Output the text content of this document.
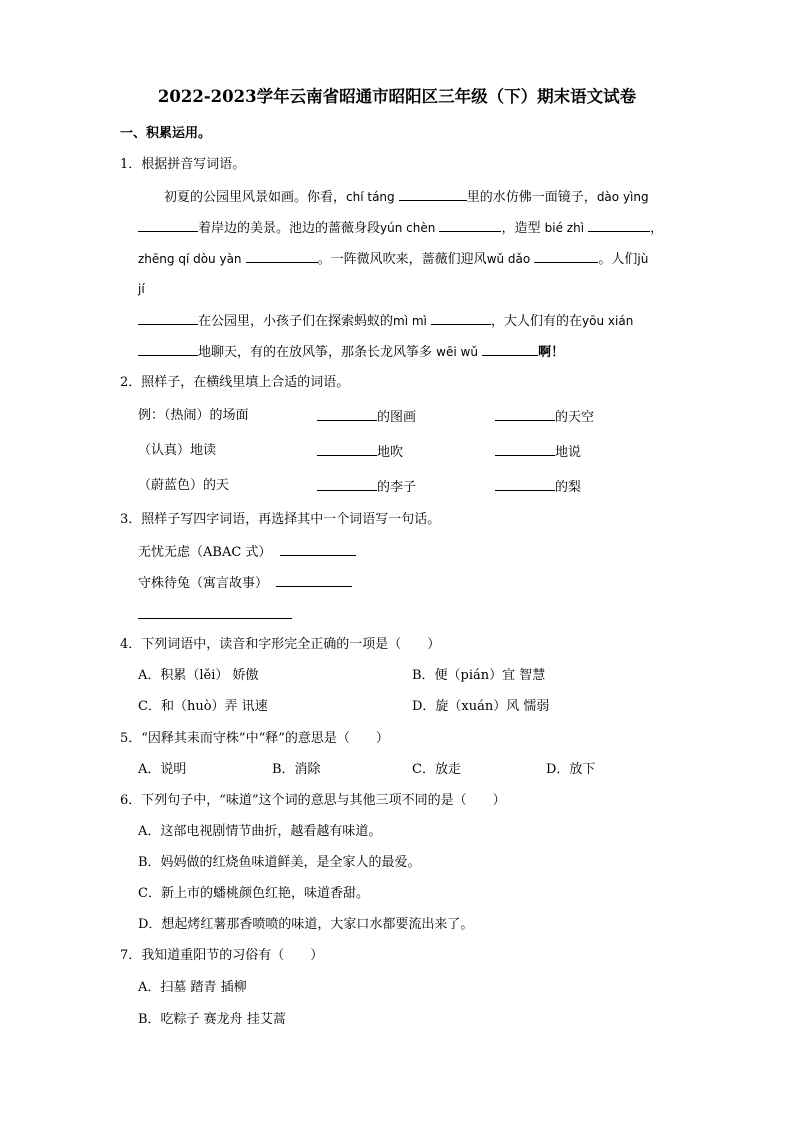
2022-2023学年云南省昭通市昭阳区三年级（下）期末语文试卷
一、积累运用。
1．根据拼音写词语。
初夏的公园里风景如画。你看，chí táng	里的水仿佛一面镜子，dào yìng
着岸边的美景。池边的蔷薇身段yún chèn	，造型 bié zhì	，
zhēng qí dòu yàn	。一阵微风吹来，蔷薇们迎风wǔ dǎo	。人们jù
jí
在公园里，小孩子们在探索蚂蚁的mì mì	，大人们有的在yōu xián
地聊天，有的在放风筝，那条长龙风筝多 wēi wǔ	啊！
2．照样子，在横线里填上合适的词语。
例：（热闹）的场面	的图画	的天空
（认真）地读	地吹	地说
（蔚蓝色）的天	的李子	的梨
3．照样子写四字词语，再选择其中一个词语写一句话。
无忧无虑（ABAC 式）
守株待兔（寓言故事）
4．下列词语中，读音和字形完全正确的一项是（　　）
A．积累（lěi） 娇傲	B．便（pián）宜 智慧
C．和（huò）弄 讯速	D．旋（xuán）风 懦弱
5．“因释其耒而守株”中“释”的意思是（　　）
A．说明	B．消除	C．放走	D．放下
6．下列句子中，“味道”这个词的意思与其他三项不同的是（　　）
A．这部电视剧情节曲折，越看越有味道。
B．妈妈做的红烧鱼味道鲜美，是全家人的最爱。
C．新上市的蟠桃颜色红艳，味道香甜。
D．想起烤红薯那香喷喷的味道，大家口水都要流出来了。
7．我知道重阳节的习俗有（　　）
A．扫墓 踏青 插柳
B．吃粽子 赛龙舟 挂艾蒿
